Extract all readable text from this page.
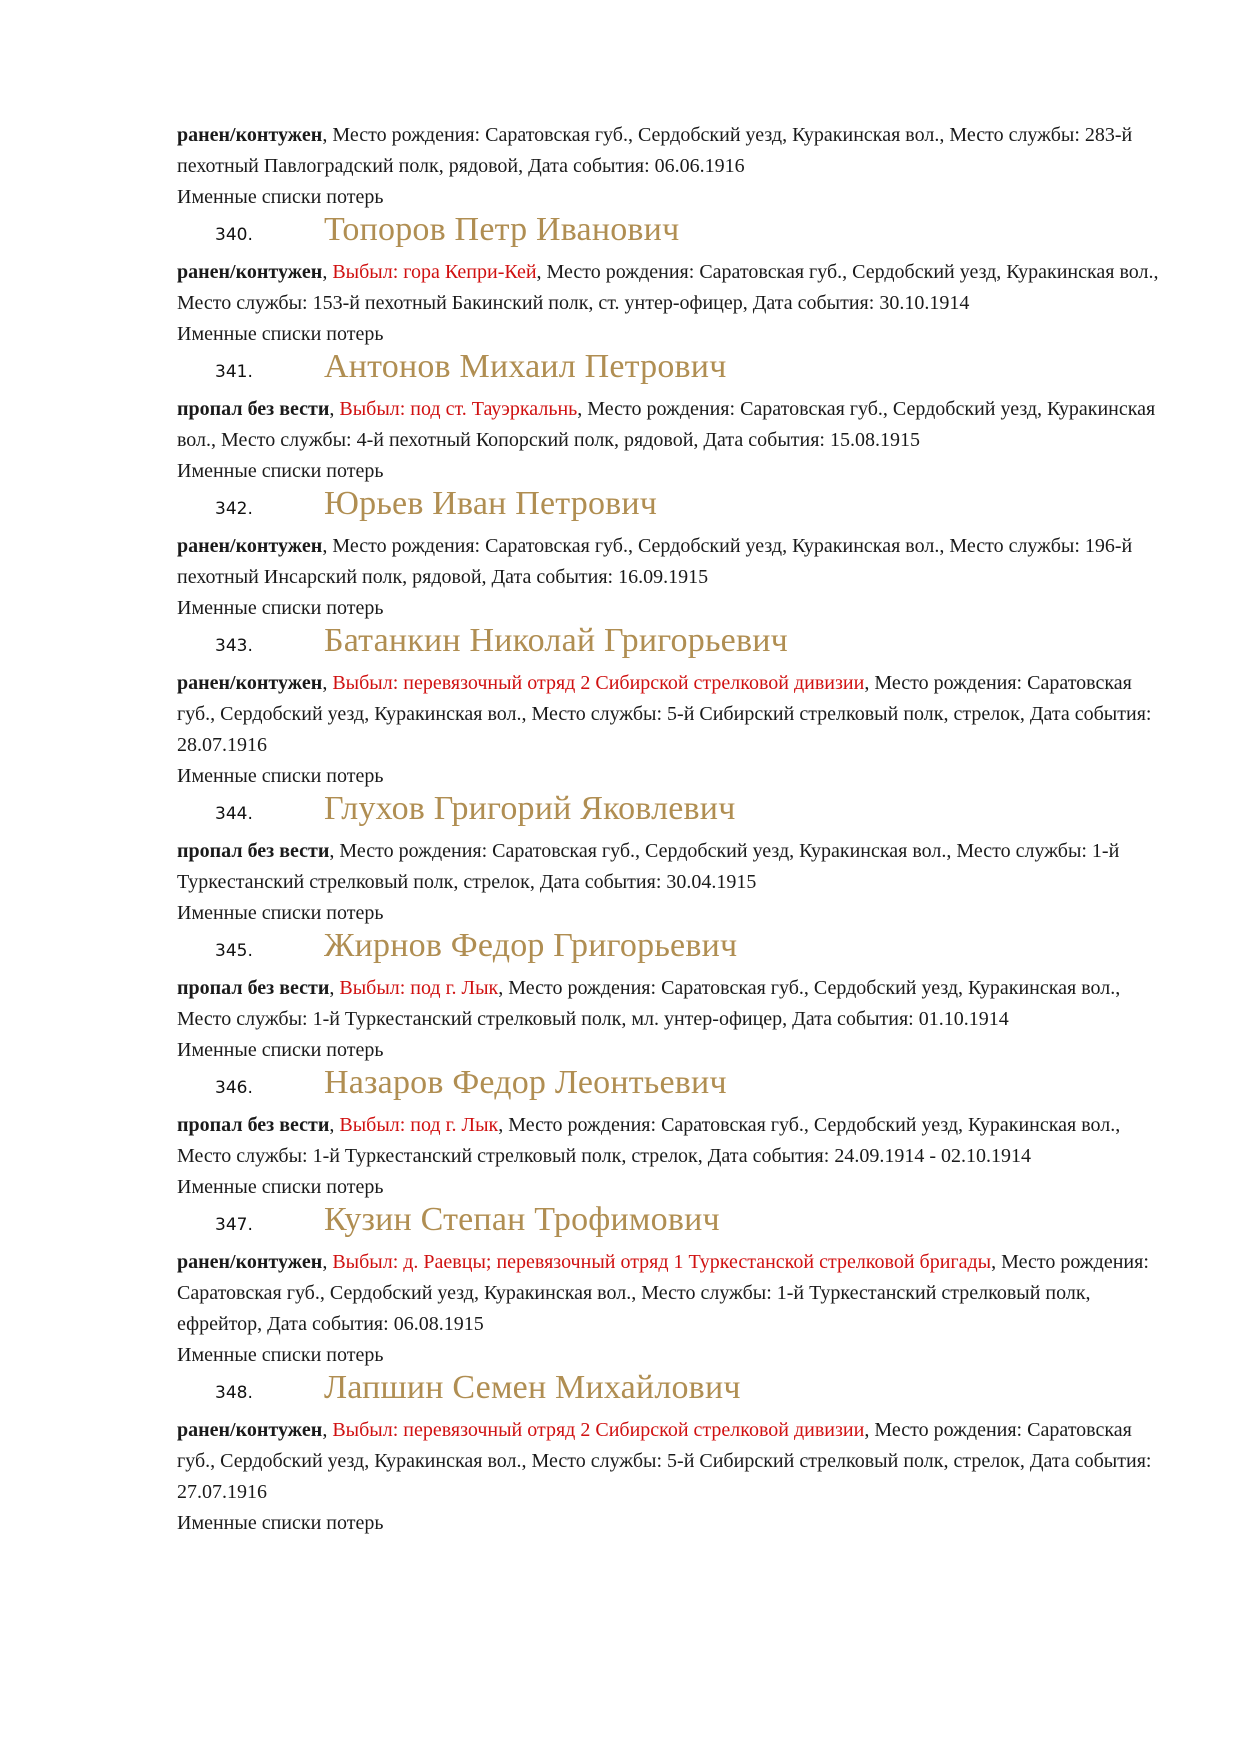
ранен/контужен, Место рождения: Саратовская губ., Сердобский уезд, Куракинская вол., Место службы: 283-й пехотный Павлоградский полк, рядовой, Дата события: 06.06.1916

Именные списки потерь

340.	Топоров Петр Иванович

ранен/контужен, Выбыл: гора Кепри-Кей, Место рождения: Саратовская губ., Сердобский уезд, Куракинская вол., Место службы: 153-й пехотный Бакинский полк, ст. унтер-офицер, Дата события: 30.10.1914

Именные списки потерь

341.	Антонов Михаил Петрович

пропал без вести, Выбыл: под ст. Тауэркальнь, Место рождения: Саратовская губ., Сердобский уезд, Куракинская вол., Место службы: 4-й пехотный Копорский полк, рядовой, Дата события: 15.08.1915

Именные списки потерь

342.	Юрьев Иван Петрович

ранен/контужен, Место рождения: Саратовская губ., Сердобский уезд, Куракинская вол., Место службы: 196-й пехотный Инсарский полк, рядовой, Дата события: 16.09.1915

Именные списки потерь

343.	Батанкин Николай Григорьевич

ранен/контужен, Выбыл: перевязочный отряд 2 Сибирской стрелковой дивизии, Место рождения: Саратовская губ., Сердобский уезд, Куракинская вол., Место службы: 5-й Сибирский стрелковый полк, стрелок, Дата события: 28.07.1916

Именные списки потерь

344.	Глухов Григорий Яковлевич

пропал без вести, Место рождения: Саратовская губ., Сердобский уезд, Куракинская вол., Место службы: 1-й Туркестанский стрелковый полк, стрелок, Дата события: 30.04.1915

Именные списки потерь

345.	Жирнов Федор Григорьевич

пропал без вести, Выбыл: под г. Лык, Место рождения: Саратовская губ., Сердобский уезд, Куракинская вол., Место службы: 1-й Туркестанский стрелковый полк, мл. унтер-офицер, Дата события: 01.10.1914

Именные списки потерь

346.	Назаров Федор Леонтьевич

пропал без вести, Выбыл: под г. Лык, Место рождения: Саратовская губ., Сердобский уезд, Куракинская вол., Место службы: 1-й Туркестанский стрелковый полк, стрелок, Дата события: 24.09.1914 - 02.10.1914

Именные списки потерь

347.	Кузин Степан Трофимович

ранен/контужен, Выбыл: д. Раевцы; перевязочный отряд 1 Туркестанской стрелковой бригады, Место рождения: Саратовская губ., Сердобский уезд, Куракинская вол., Место службы: 1-й Туркестанский стрелковый полк, ефрейтор, Дата события: 06.08.1915

Именные списки потерь

348.	Лапшин Семен Михайлович

ранен/контужен, Выбыл: перевязочный отряд 2 Сибирской стрелковой дивизии, Место рождения: Саратовская губ., Сердобский уезд, Куракинская вол., Место службы: 5-й Сибирский стрелковый полк, стрелок, Дата события: 27.07.1916

Именные списки потерь
